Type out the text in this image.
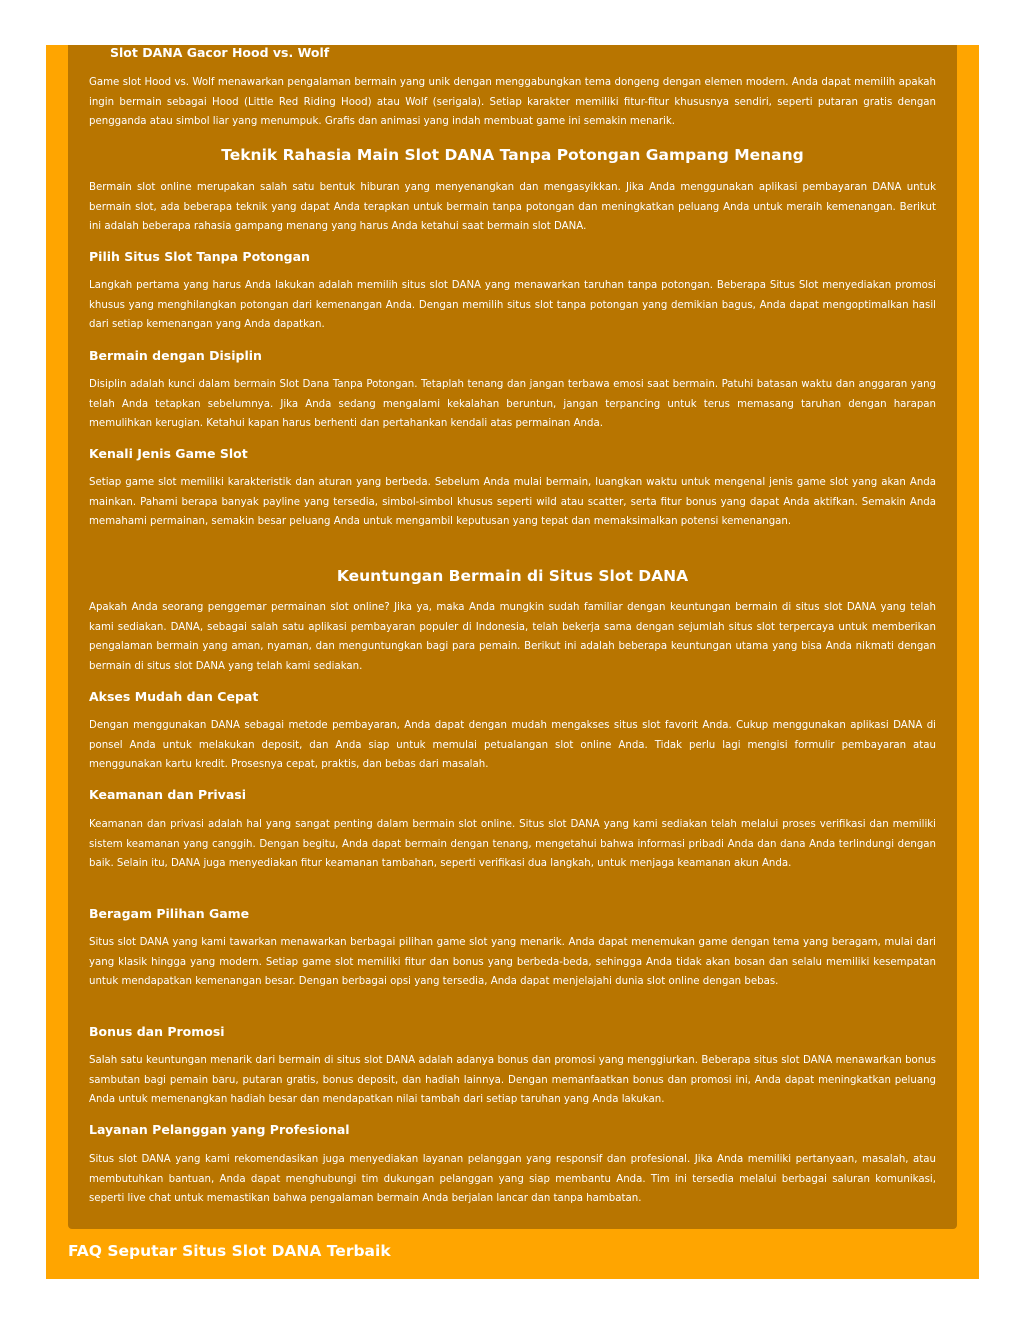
Slot DANA Gacor Hood vs. Wolf

Game slot Hood vs. Wolf menawarkan pengalaman bermain yang unik dengan menggabungkan tema dongeng dengan elemen modern. Anda dapat memilih apakah ingin bermain sebagai Hood (Little Red Riding Hood) atau Wolf (serigala). Setiap karakter memiliki fitur-fitur khususnya sendiri, seperti putaran gratis dengan pengganda atau simbol liar yang menumpuk. Grafis dan animasi yang indah membuat game ini semakin menarik.

Teknik Rahasia Main Slot DANA Tanpa Potongan Gampang Menang

Bermain slot online merupakan salah satu bentuk hiburan yang menyenangkan dan mengasyikkan. Jika Anda menggunakan aplikasi pembayaran DANA untuk bermain slot, ada beberapa teknik yang dapat Anda terapkan untuk bermain tanpa potongan dan meningkatkan peluang Anda untuk meraih kemenangan. Berikut ini adalah beberapa rahasia gampang menang yang harus Anda ketahui saat bermain slot DANA.

Pilih Situs Slot Tanpa Potongan

Langkah pertama yang harus Anda lakukan adalah memilih situs slot DANA yang menawarkan taruhan tanpa potongan. Beberapa Situs Slot menyediakan promosi khusus yang menghilangkan potongan dari kemenangan Anda. Dengan memilih situs slot tanpa potongan yang demikian bagus, Anda dapat mengoptimalkan hasil dari setiap kemenangan yang Anda dapatkan.

Bermain dengan Disiplin

Disiplin adalah kunci dalam bermain Slot Dana Tanpa Potongan. Tetaplah tenang dan jangan terbawa emosi saat bermain. Patuhi batasan waktu dan anggaran yang telah Anda tetapkan sebelumnya. Jika Anda sedang mengalami kekalahan beruntun, jangan terpancing untuk terus memasang taruhan dengan harapan memulihkan kerugian. Ketahui kapan harus berhenti dan pertahankan kendali atas permainan Anda.

Kenali Jenis Game Slot

Setiap game slot memiliki karakteristik dan aturan yang berbeda. Sebelum Anda mulai bermain, luangkan waktu untuk mengenal jenis game slot yang akan Anda mainkan. Pahami berapa banyak payline yang tersedia, simbol-simbol khusus seperti wild atau scatter, serta fitur bonus yang dapat Anda aktifkan. Semakin Anda memahami permainan, semakin besar peluang Anda untuk mengambil keputusan yang tepat dan memaksimalkan potensi kemenangan.

Keuntungan Bermain di Situs Slot DANA

Apakah Anda seorang penggemar permainan slot online? Jika ya, maka Anda mungkin sudah familiar dengan keuntungan bermain di situs slot DANA yang telah kami sediakan. DANA, sebagai salah satu aplikasi pembayaran populer di Indonesia, telah bekerja sama dengan sejumlah situs slot terpercaya untuk memberikan pengalaman bermain yang aman, nyaman, dan menguntungkan bagi para pemain. Berikut ini adalah beberapa keuntungan utama yang bisa Anda nikmati dengan bermain di situs slot DANA yang telah kami sediakan.

Akses Mudah dan Cepat

Dengan menggunakan DANA sebagai metode pembayaran, Anda dapat dengan mudah mengakses situs slot favorit Anda. Cukup menggunakan aplikasi DANA di ponsel Anda untuk melakukan deposit, dan Anda siap untuk memulai petualangan slot online Anda. Tidak perlu lagi mengisi formulir pembayaran atau menggunakan kartu kredit. Prosesnya cepat, praktis, dan bebas dari masalah.

Keamanan dan Privasi

Keamanan dan privasi adalah hal yang sangat penting dalam bermain slot online. Situs slot DANA yang kami sediakan telah melalui proses verifikasi dan memiliki sistem keamanan yang canggih. Dengan begitu, Anda dapat bermain dengan tenang, mengetahui bahwa informasi pribadi Anda dan dana Anda terlindungi dengan baik. Selain itu, DANA juga menyediakan fitur keamanan tambahan, seperti verifikasi dua langkah, untuk menjaga keamanan akun Anda.

Beragam Pilihan Game

Situs slot DANA yang kami tawarkan menawarkan berbagai pilihan game slot yang menarik. Anda dapat menemukan game dengan tema yang beragam, mulai dari yang klasik hingga yang modern. Setiap game slot memiliki fitur dan bonus yang berbeda-beda, sehingga Anda tidak akan bosan dan selalu memiliki kesempatan untuk mendapatkan kemenangan besar. Dengan berbagai opsi yang tersedia, Anda dapat menjelajahi dunia slot online dengan bebas.

Bonus dan Promosi

Salah satu keuntungan menarik dari bermain di situs slot DANA adalah adanya bonus dan promosi yang menggiurkan. Beberapa situs slot DANA menawarkan bonus sambutan bagi pemain baru, putaran gratis, bonus deposit, dan hadiah lainnya. Dengan memanfaatkan bonus dan promosi ini, Anda dapat meningkatkan peluang Anda untuk memenangkan hadiah besar dan mendapatkan nilai tambah dari setiap taruhan yang Anda lakukan.

Layanan Pelanggan yang Profesional

Situs slot DANA yang kami rekomendasikan juga menyediakan layanan pelanggan yang responsif dan profesional. Jika Anda memiliki pertanyaan, masalah, atau membutuhkan bantuan, Anda dapat menghubungi tim dukungan pelanggan yang siap membantu Anda. Tim ini tersedia melalui berbagai saluran komunikasi, seperti live chat untuk memastikan bahwa pengalaman bermain Anda berjalan lancar dan tanpa hambatan.

FAQ Seputar Situs Slot DANA Terbaik
